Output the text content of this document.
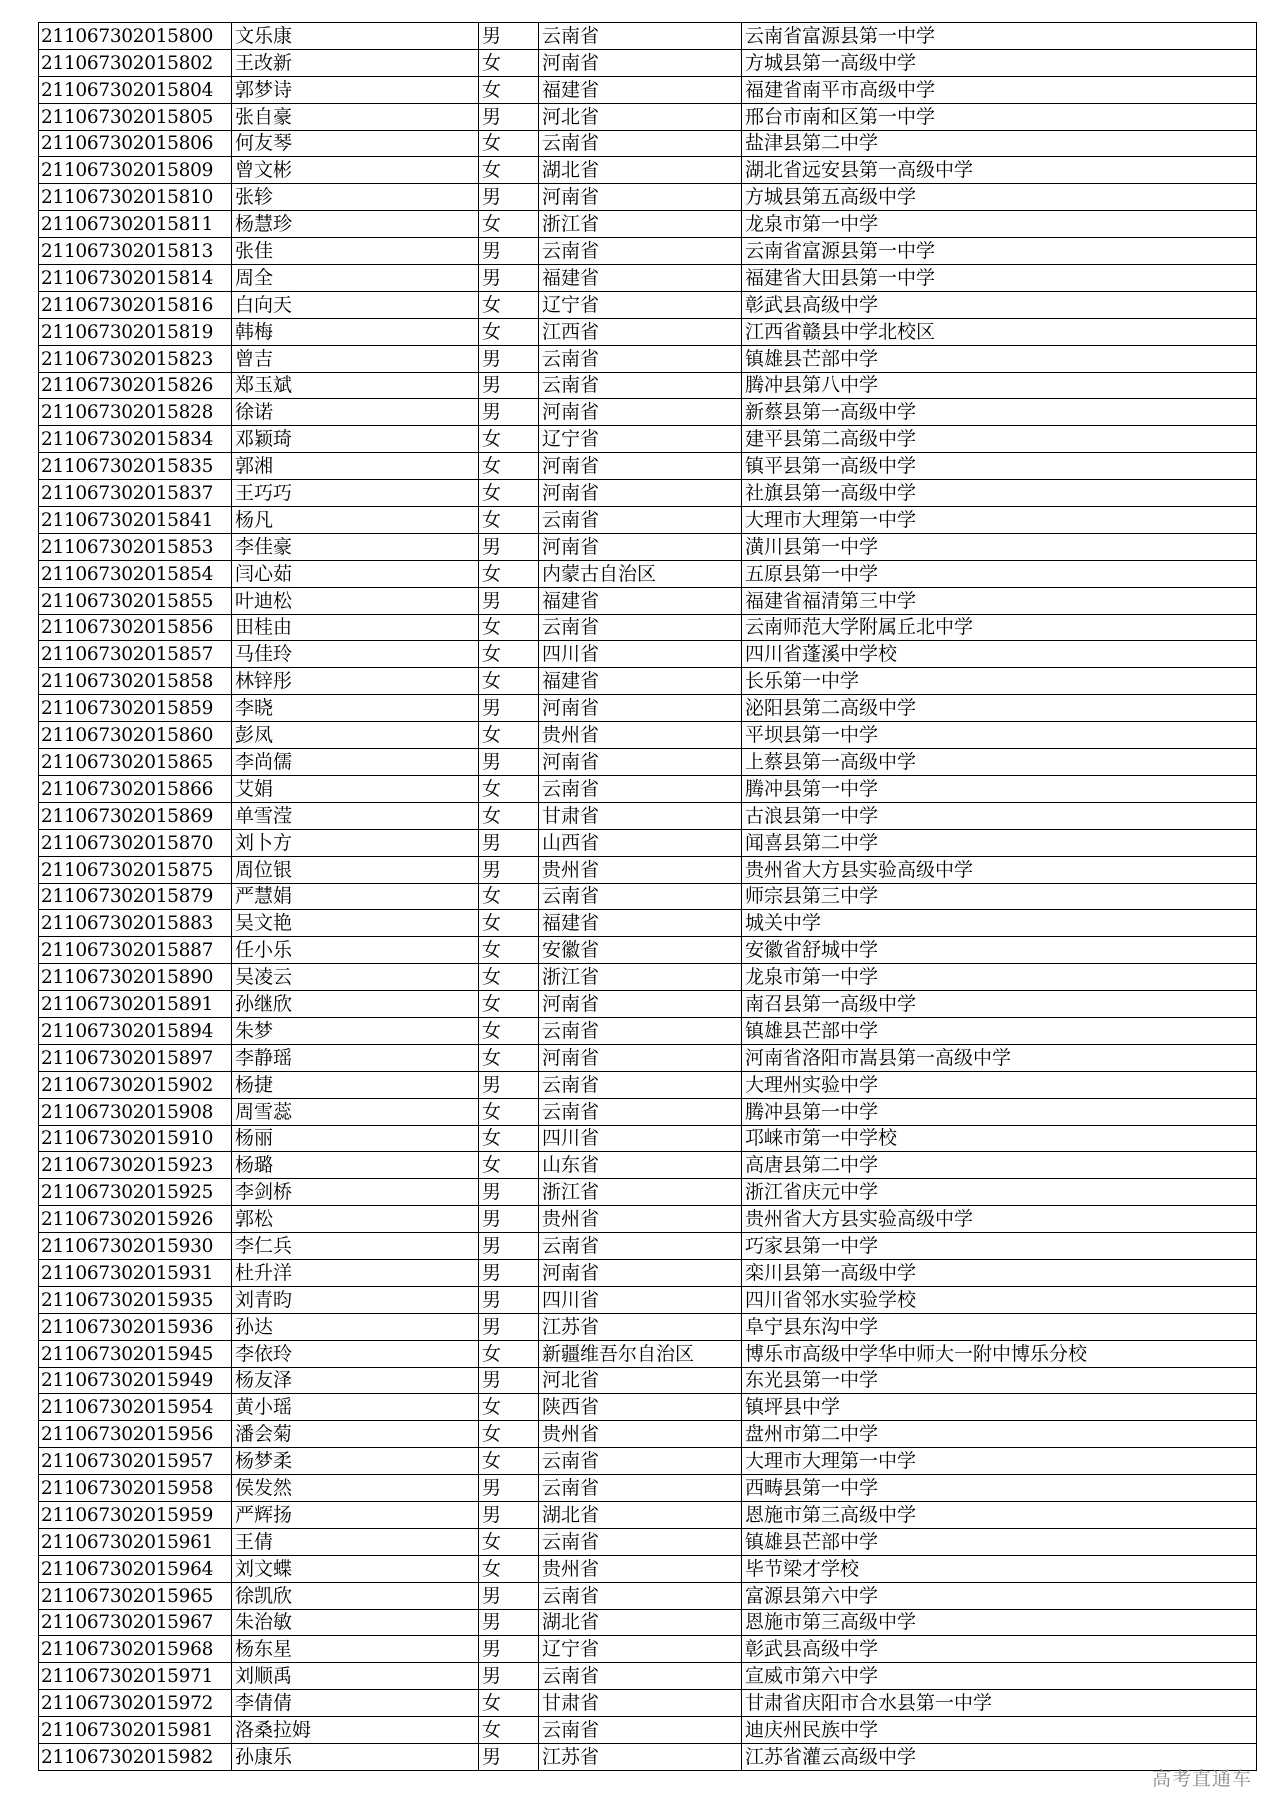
211067302015800	文乐康	男	云南省	云南省富源县第一中学
211067302015802	王改新	女	河南省	方城县第一高级中学
211067302015804	郭梦诗	女	福建省	福建省南平市高级中学
211067302015805	张自豪	男	河北省	邢台市南和区第一中学
211067302015806	何友琴	女	云南省	盐津县第二中学
211067302015809	曾文彬	女	湖北省	湖北省远安县第一高级中学
211067302015810	张轸	男	河南省	方城县第五高级中学
211067302015811	杨慧珍	女	浙江省	龙泉市第一中学
211067302015813	张佳	男	云南省	云南省富源县第一中学
211067302015814	周全	男	福建省	福建省大田县第一中学
211067302015816	白向天	女	辽宁省	彰武县高级中学
211067302015819	韩梅	女	江西省	江西省赣县中学北校区
211067302015823	曾吉	男	云南省	镇雄县芒部中学
211067302015826	郑玉斌	男	云南省	腾冲县第八中学
211067302015828	徐诺	男	河南省	新蔡县第一高级中学
211067302015834	邓颖琦	女	辽宁省	建平县第二高级中学
211067302015835	郭湘	女	河南省	镇平县第一高级中学
211067302015837	王巧巧	女	河南省	社旗县第一高级中学
211067302015841	杨凡	女	云南省	大理市大理第一中学
211067302015853	李佳豪	男	河南省	潢川县第一中学
211067302015854	闫心茹	女	内蒙古自治区	五原县第一中学
211067302015855	叶迪松	男	福建省	福建省福清第三中学
211067302015856	田桂由	女	云南省	云南师范大学附属丘北中学
211067302015857	马佳玲	女	四川省	四川省蓬溪中学校
211067302015858	林锌彤	女	福建省	长乐第一中学
211067302015859	李晓	男	河南省	泌阳县第二高级中学
211067302015860	彭凤	女	贵州省	平坝县第一中学
211067302015865	李尚儒	男	河南省	上蔡县第一高级中学
211067302015866	艾娟	女	云南省	腾冲县第一中学
211067302015869	单雪滢	女	甘肃省	古浪县第一中学
211067302015870	刘卜方	男	山西省	闻喜县第二中学
211067302015875	周位银	男	贵州省	贵州省大方县实验高级中学
211067302015879	严慧娟	女	云南省	师宗县第三中学
211067302015883	吴文艳	女	福建省	城关中学
211067302015887	任小乐	女	安徽省	安徽省舒城中学
211067302015890	吴凌云	女	浙江省	龙泉市第一中学
211067302015891	孙继欣	女	河南省	南召县第一高级中学
211067302015894	朱梦	女	云南省	镇雄县芒部中学
211067302015897	李静瑶	女	河南省	河南省洛阳市嵩县第一高级中学
211067302015902	杨捷	男	云南省	大理州实验中学
211067302015908	周雪蕊	女	云南省	腾冲县第一中学
211067302015910	杨丽	女	四川省	邛崃市第一中学校
211067302015923	杨璐	女	山东省	高唐县第二中学
211067302015925	李剑桥	男	浙江省	浙江省庆元中学
211067302015926	郭松	男	贵州省	贵州省大方县实验高级中学
211067302015930	李仁兵	男	云南省	巧家县第一中学
211067302015931	杜升洋	男	河南省	栾川县第一高级中学
211067302015935	刘青昀	男	四川省	四川省邻水实验学校
211067302015936	孙达	男	江苏省	阜宁县东沟中学
211067302015945	李依玲	女	新疆维吾尔自治区	博乐市高级中学华中师大一附中博乐分校
211067302015949	杨友泽	男	河北省	东光县第一中学
211067302015954	黄小瑶	女	陕西省	镇坪县中学
211067302015956	潘会菊	女	贵州省	盘州市第二中学
211067302015957	杨梦柔	女	云南省	大理市大理第一中学
211067302015958	侯发然	男	云南省	西畴县第一中学
211067302015959	严辉扬	男	湖北省	恩施市第三高级中学
211067302015961	王倩	女	云南省	镇雄县芒部中学
211067302015964	刘文蝶	女	贵州省	毕节梁才学校
211067302015965	徐凯欣	男	云南省	富源县第六中学
211067302015967	朱治敏	男	湖北省	恩施市第三高级中学
211067302015968	杨东星	男	辽宁省	彰武县高级中学
211067302015971	刘顺禹	男	云南省	宣威市第六中学
211067302015972	李倩倩	女	甘肃省	甘肃省庆阳市合水县第一中学
211067302015981	洛桑拉姆	女	云南省	迪庆州民族中学
211067302015982	孙康乐	男	江苏省	江苏省灌云高级中学
高考直通车
